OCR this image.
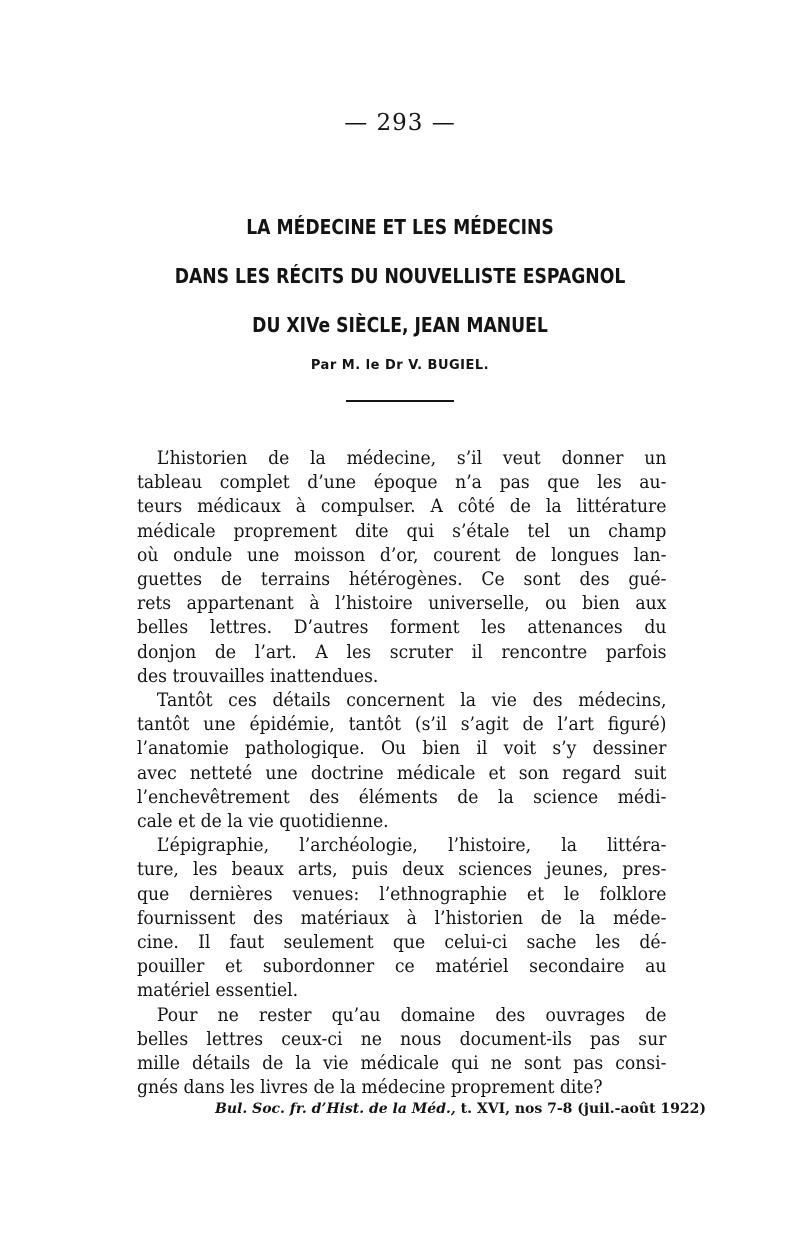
— 293 —
LA MÉDECINE ET LES MÉDECINS
DANS LES RÉCITS DU NOUVELLISTE ESPAGNOL
DU XIVe SIÈCLE, JEAN MANUEL
Par M. le Dr V. BUGIEL.
L’historien de la médecine, s’il veut donner un
tableau complet d’une époque n’a pas que les au-
teurs médicaux à compulser. A côté de la littérature
médicale proprement dite qui s’étale tel un champ
où ondule une moisson d’or, courent de longues lan-
guettes de terrains hétérogènes. Ce sont des gué-
rets appartenant à l’histoire universelle, ou bien aux
belles lettres. D’autres forment les attenances du
donjon de l’art. A les scruter il rencontre parfois
des trouvailles inattendues.
Tantôt ces détails concernent la vie des médecins,
tantôt une épidémie, tantôt (s’il s’agit de l’art figuré)
l’anatomie pathologique. Ou bien il voit s’y dessiner
avec netteté une doctrine médicale et son regard suit
l’enchevêtrement des éléments de la science médi-
cale et de la vie quotidienne.
L’épigraphie, l’archéologie, l’histoire, la littéra-
ture, les beaux arts, puis deux sciences jeunes, pres-
que dernières venues: l’ethnographie et le folklore
fournissent des matériaux à l’historien de la méde-
cine. Il faut seulement que celui-ci sache les dé-
pouiller et subordonner ce matériel secondaire au
matériel essentiel.
Pour ne rester qu’au domaine des ouvrages de
belles lettres ceux-ci ne nous document-ils pas sur
mille détails de la vie médicale qui ne sont pas consi-
gnés dans les livres de la médecine proprement dite?
Bul. Soc. fr. d’Hist. de la Méd., t. XVI, nos 7-8 (juil.-août 1922)
